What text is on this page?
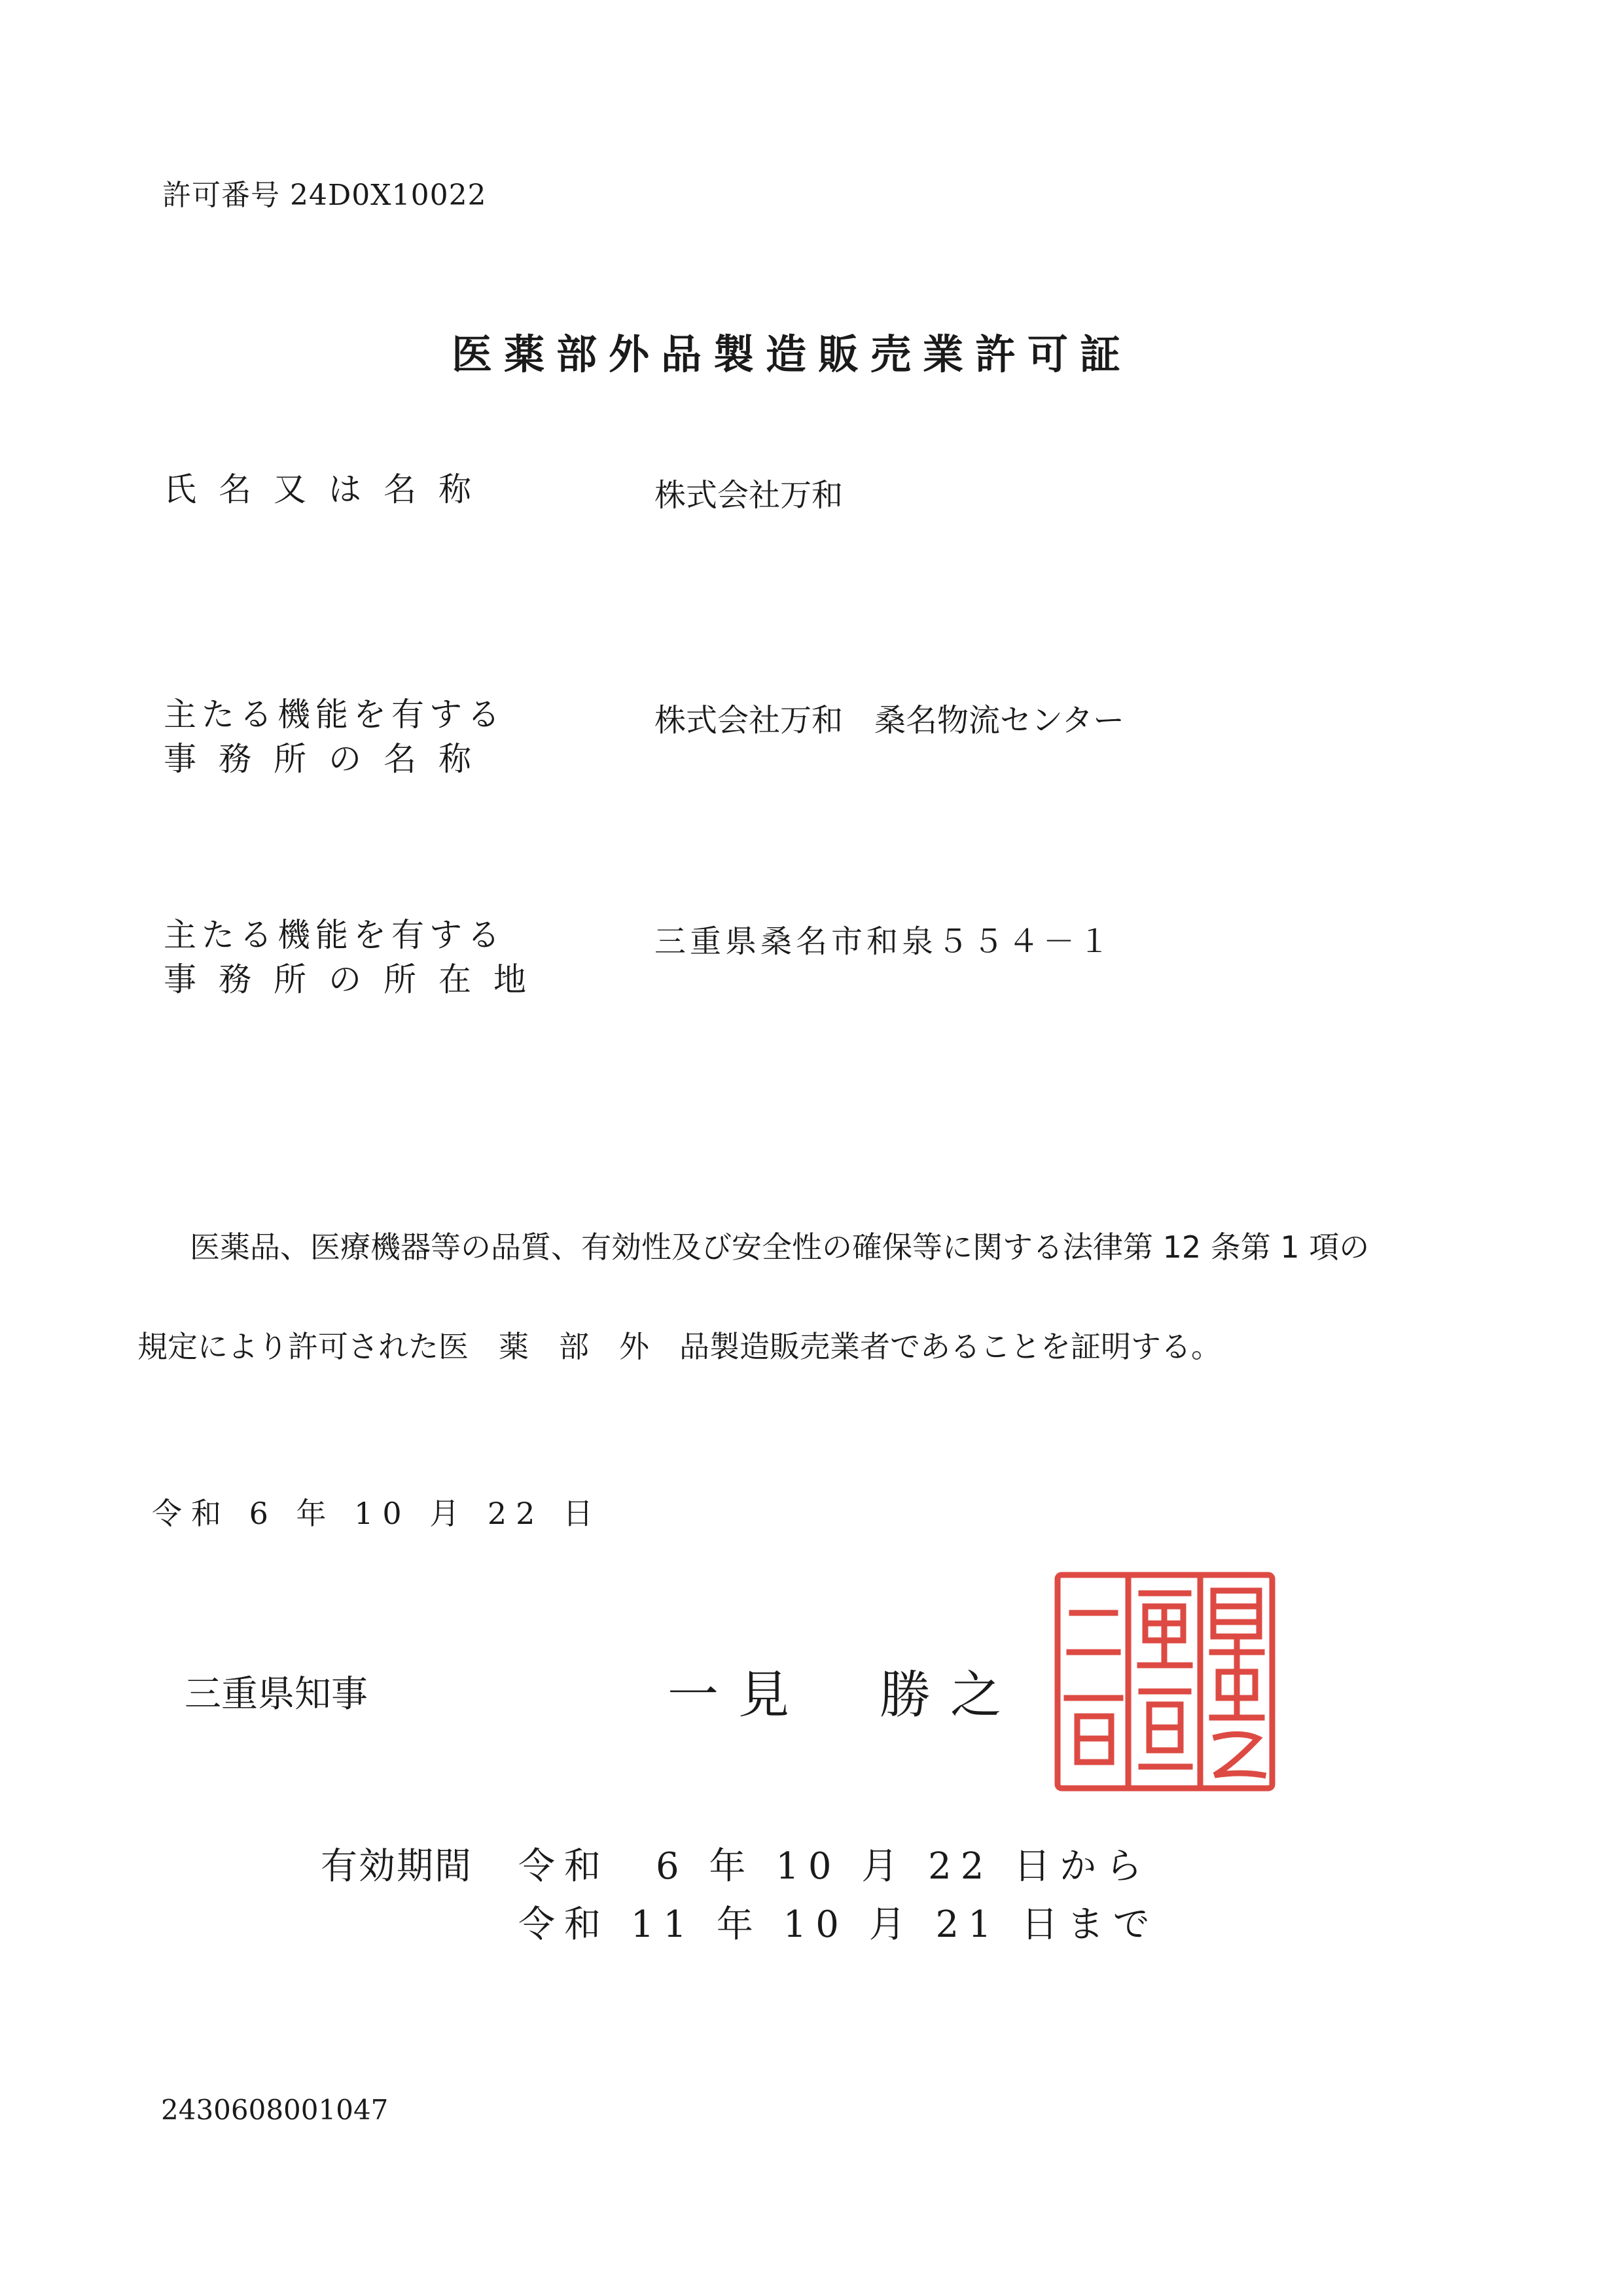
許可番号 24D0X10022
医薬部外品製造販売業許可証
氏名又は名称	株式会社万和
主たる機能を有する
事務所の名称
株式会社万和　桑名物流センター
主たる機能を有する
事務所の所在地
三重県桑名市和泉５５４－１
医薬品、医療機器等の品質、有効性及び安全性の確保等に関する法律第 12 条第 1 項の
規定により許可された医　薬　部　外　品製造販売業者であることを証明する。
令和 6 年 10 月 22 日
三重県知事	一見　勝之
有効期間 令和　6 年 10 月 22 日から
令和 11 年 10 月 21 日まで
2430608001047
